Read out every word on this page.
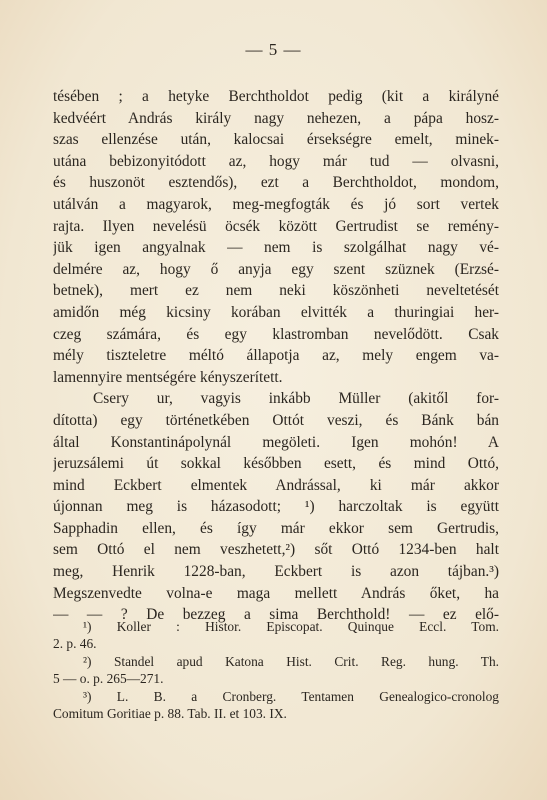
— 5 —
tésében ; a hetyke Berchtholdot pedig (kit a királyné
kedvéért András király nagy nehezen, a pápa hosz-
szas ellenzése után, kalocsai érsekségre emelt, minek-
utána bebizonyitódott az, hogy már tud — olvasni,
és huszonöt esztendős), ezt a Berchtholdot, mondom,
utálván a magyarok, meg-megfogták és jó sort vertek
rajta. Ilyen nevelésü öcsék között Gertrudist se remény-
jük igen angyalnak — nem is szolgálhat nagy vé-
delmére az, hogy ő anyja egy szent szüznek (Erzsé-
betnek), mert ez nem neki köszönheti neveltetését
amidőn még kicsiny korában elvitték a thuringiai her-
czeg számára, és egy klastromban nevelődött. Csak
mély tiszteletre méltó állapotja az, mely engem va-
lamennyire mentségére kényszerített.
Csery ur, vagyis inkább Müller (akitől for-
dította) egy történetkében Ottót veszi, és Bánk bán
által Konstantinápolynál megöleti. Igen mohón! A
jeruzsálemi út sokkal későbben esett, és mind Ottó,
mind Eckbert elmentek Andrással, ki már akkor
újonnan meg is házasodott; ¹) harczoltak is együtt
Sapphadin ellen, és így már ekkor sem Gertrudis,
sem Ottó el nem veszhetett,²) sőt Ottó 1234-ben halt
meg, Henrik 1228-ban, Eckbert is azon tájban.³)
Megszenvedte volna-e maga mellett András őket, ha
— — ? De bezzeg a sima Berchthold! — ez elő-
¹) Koller : Histor. Episcopat. Quinque Eccl. Tom.
2. p. 46.
²) Standel apud Katona Hist. Crit. Reg. hung. Th.
5 — o. p. 265—271.
³) L. B. a Cronberg. Tentamen Genealogico-cronolog
Comitum Goritiae p. 88. Tab. II. et 103. IX.
